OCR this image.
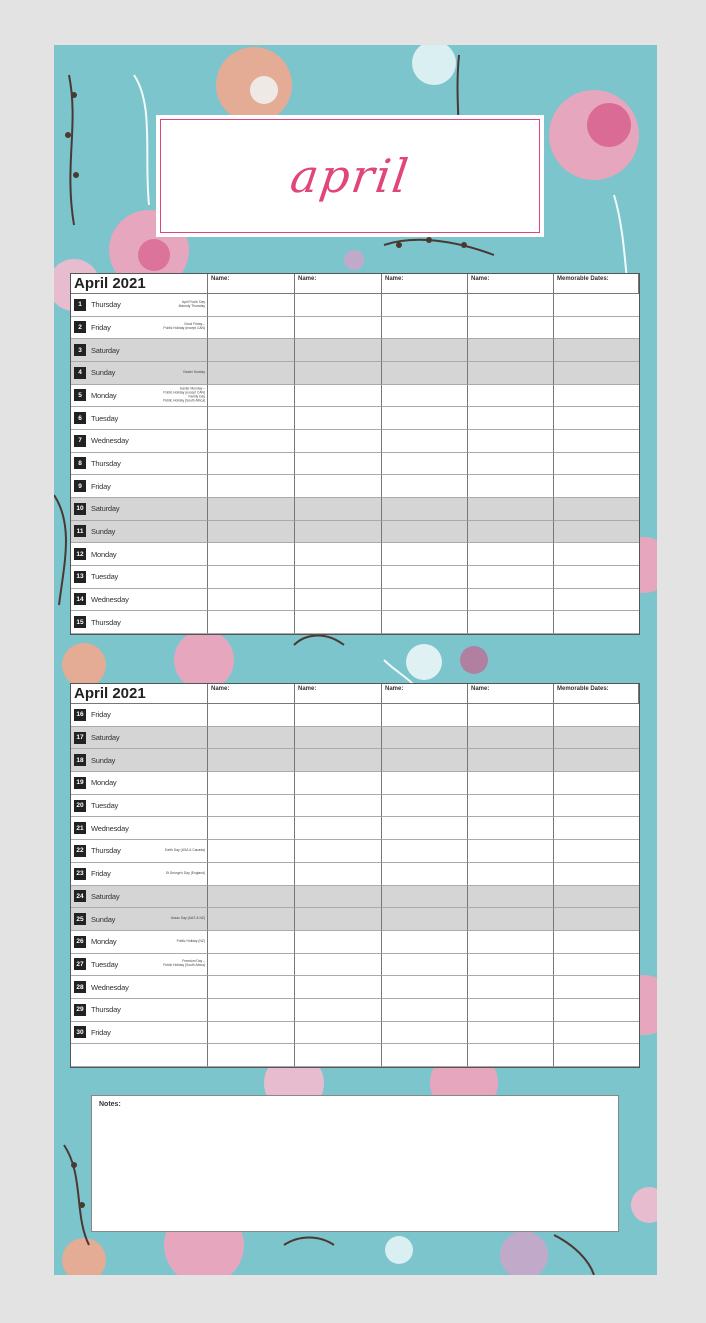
april
April 2021	Name:	Name:	Name:	Name:	Memorable Dates:
1	Thursday	April Fools' Day
Maundy Thursday
2	Friday	Good Friday –
Public Holiday (except CAN)
3	Saturday
4	Sunday	Easter Sunday
5	Monday
Easter Monday –
Public Holiday (except CAN)
Family Day
Public Holiday (South Africa)
6	Tuesday
7	Wednesday
8	Thursday
9	Friday
10 Saturday
11	Sunday
12 Monday
13 Tuesday
14 Wednesday
15 Thursday
April 2021	Name:	Name:	Name:	Name:	Memorable Dates:
16 Friday
17 Saturday
18 Sunday
19 Monday
20 Tuesday
21 Wednesday
22 Thursday	Earth Day (USA & Canada)
23 Friday	St George's Day (England)
24 Saturday
25 Sunday	Anzac Day (AUS & NZ)
26 Monday	Public Holiday (NZ)
27 Tuesday	Freedom Day –
Public Holiday (South Africa)
28 Wednesday
29 Thursday
30 Friday
Notes:
